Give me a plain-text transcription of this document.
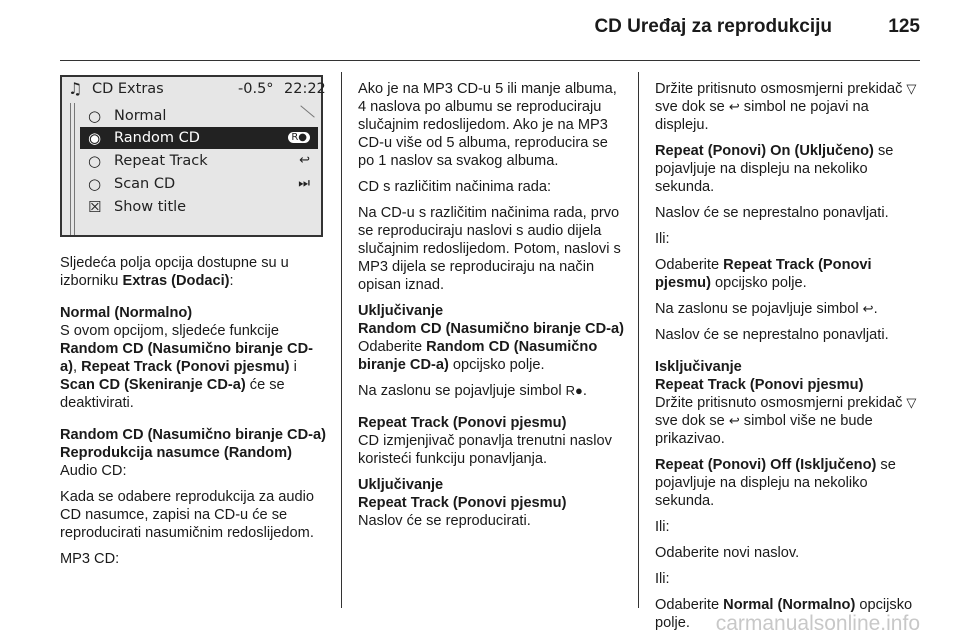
CD Uređaj za reprodukciju	125
♫ CD Extras	-0.5° 22:22
○ Normal
◉ Random CD	R●
○ Repeat Track	↩
○ Scan CD	⏭
☒ Show title

Sljedeća polja opcija dostupne su u izborniku Extras (Dodaci):

Normal (Normalno)

S ovom opcijom, sljedeće funkcije Random CD (Nasumično biranje CD-a), Repeat Track (Ponovi pjesmu) i Scan CD (Skeniranje CD-a) će se deaktivirati.

Random CD (Nasumično biranje CD-a) Reprodukcija nasumce (Random)

Audio CD:

Kada se odabere reprodukcija za audio CD nasumce, zapisi na CD-u će se reproducirati nasumičnim redoslijedom.

MP3 CD:

Ako je na MP3 CD-u 5 ili manje albuma, 4 naslova po albumu se reproduciraju slučajnim redoslijedom. Ako je na MP3 CD-u više od 5 albuma, reproducira se po 1 naslov sa svakog albuma.

CD s različitim načinima rada:

Na CD-u s različitim načinima rada, prvo se reproduciraju naslovi s audio dijela slučajnim redoslijedom. Potom, naslovi s MP3 dijela se reproduciraju na način opisan iznad.

Uključivanje

Random CD (Nasumično biranje CD-a)

Odaberite Random CD (Nasumično biranje CD-a) opcijsko polje.

Na zaslonu se pojavljuje simbol R●.

Repeat Track (Ponovi pjesmu)

CD izmjenjivač ponavlja trenutni naslov koristeći funkciju ponavljanja.

Uključivanje

Repeat Track (Ponovi pjesmu)

Naslov će se reproducirati.

Držite pritisnuto osmosmjerni prekidač ▽ sve dok se ↩ simbol ne pojavi na displeju.

Repeat (Ponovi) On (Uključeno) se pojavljuje na displeju na nekoliko sekunda.

Naslov će se neprestalno ponavljati.

Ili:

Odaberite Repeat Track (Ponovi pjesmu) opcijsko polje.

Na zaslonu se pojavljuje simbol ↩.

Naslov će se neprestalno ponavljati.

Isključivanje

Repeat Track (Ponovi pjesmu)

Držite pritisnuto osmosmjerni prekidač ▽ sve dok se ↩ simbol više ne bude prikazivao.

Repeat (Ponovi) Off (Isključeno) se pojavljuje na displeju na nekoliko sekunda.

Ili:

Odaberite novi naslov.

Ili:

Odaberite Normal (Normalno) opcijsko polje.	carmanualsonline.info
